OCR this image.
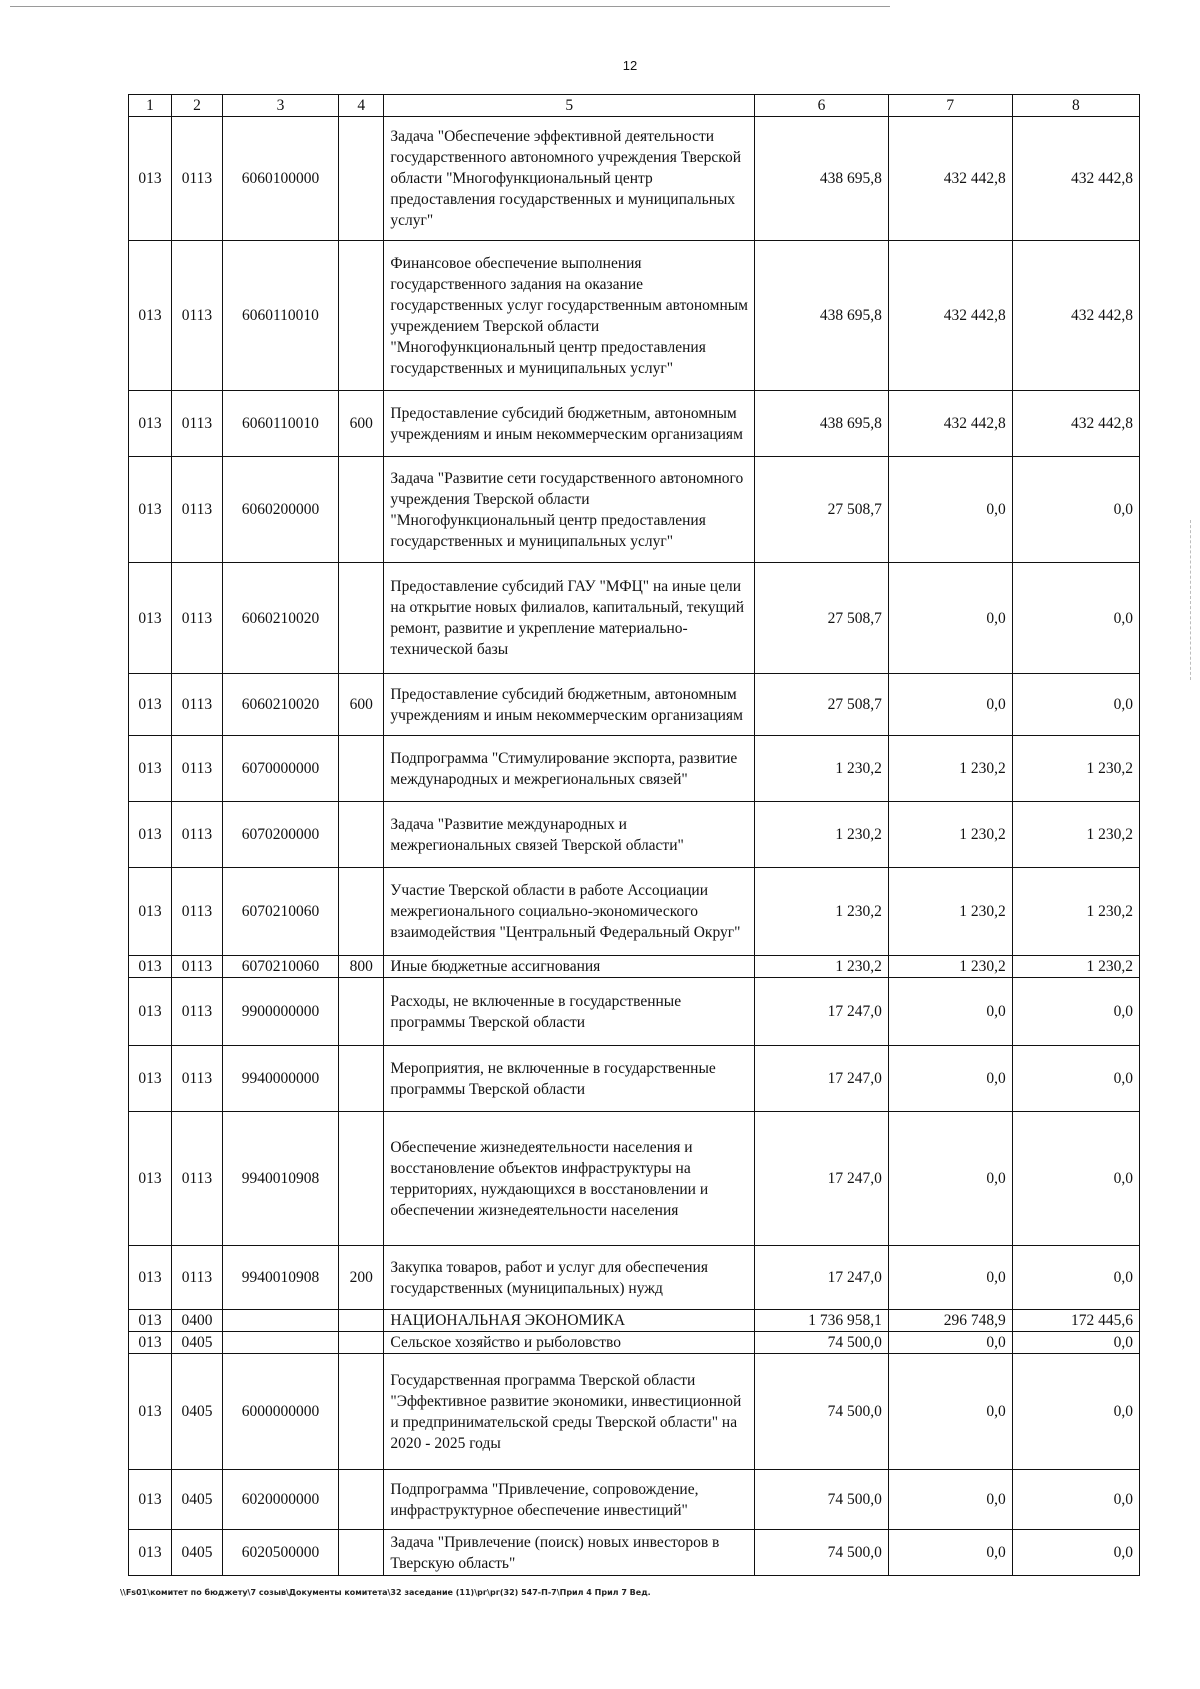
12
1	2	3	4	5	6	7	8
013	0113	6060100000		Задача "Обеспечение эффективной деятельности государственного автономного учреждения Тверской области "Многофункциональный центр предоставления государственных и муниципальных услуг"	438 695,8	432 442,8	432 442,8
013	0113	6060110010		Финансовое обеспечение выполнения государственного задания на оказание государственных услуг государственным автономным учреждением Тверской области "Многофункциональный центр предоставления государственных и муниципальных услуг"	438 695,8	432 442,8	432 442,8
013	0113	6060110010	600	Предоставление субсидий бюджетным, автономным учреждениям и иным некоммерческим организациям	438 695,8	432 442,8	432 442,8
013	0113	6060200000		Задача "Развитие сети государственного автономного учреждения Тверской области "Многофункциональный центр предоставления государственных и муниципальных услуг"	27 508,7	0,0	0,0
013	0113	6060210020		Предоставление субсидий ГАУ "МФЦ" на иные цели на открытие новых филиалов, капитальный, текущий ремонт, развитие и укрепление материально-технической базы	27 508,7	0,0	0,0
013	0113	6060210020	600	Предоставление субсидий бюджетным, автономным учреждениям и иным некоммерческим организациям	27 508,7	0,0	0,0
013	0113	6070000000		Подпрограмма "Стимулирование экспорта, развитие международных и межрегиональных связей"	1 230,2	1 230,2	1 230,2
013	0113	6070200000		Задача "Развитие международных и межрегиональных связей Тверской области"	1 230,2	1 230,2	1 230,2
013	0113	6070210060		Участие Тверской области в работе Ассоциации межрегионального социально-экономического взаимодействия "Центральный Федеральный Округ"	1 230,2	1 230,2	1 230,2
013	0113	6070210060	800	Иные бюджетные ассигнования	1 230,2	1 230,2	1 230,2
013	0113	9900000000		Расходы, не включенные в государственные программы Тверской области	17 247,0	0,0	0,0
013	0113	9940000000		Мероприятия, не включенные в государственные программы Тверской области	17 247,0	0,0	0,0
013	0113	9940010908		Обеспечение жизнедеятельности населения и восстановление объектов инфраструктуры на территориях, нуждающихся в восстановлении и обеспечении жизнедеятельности населения	17 247,0	0,0	0,0
013	0113	9940010908	200	Закупка товаров, работ и услуг для обеспечения государственных (муниципальных) нужд	17 247,0	0,0	0,0
013	0400			НАЦИОНАЛЬНАЯ ЭКОНОМИКА	1 736 958,1	296 748,9	172 445,6
013	0405			Сельское хозяйство и рыболовство	74 500,0	0,0	0,0
013	0405	6000000000		Государственная программа Тверской области "Эффективное развитие экономики, инвестиционной и предпринимательской среды Тверской области" на 2020 - 2025 годы	74 500,0	0,0	0,0
013	0405	6020000000		Подпрограмма "Привлечение, сопровождение, инфраструктурное обеспечение инвестиций"	74 500,0	0,0	0,0
013	0405	6020500000		Задача "Привлечение (поиск) новых инвесторов в Тверскую область"	74 500,0	0,0	0,0
\\Fs01\комитет по бюджету\7 созыв\Документы комитета\32 заседание (11)\рг\рг(32) 547-П-7\Прил 4 Прил 7 Вед.
